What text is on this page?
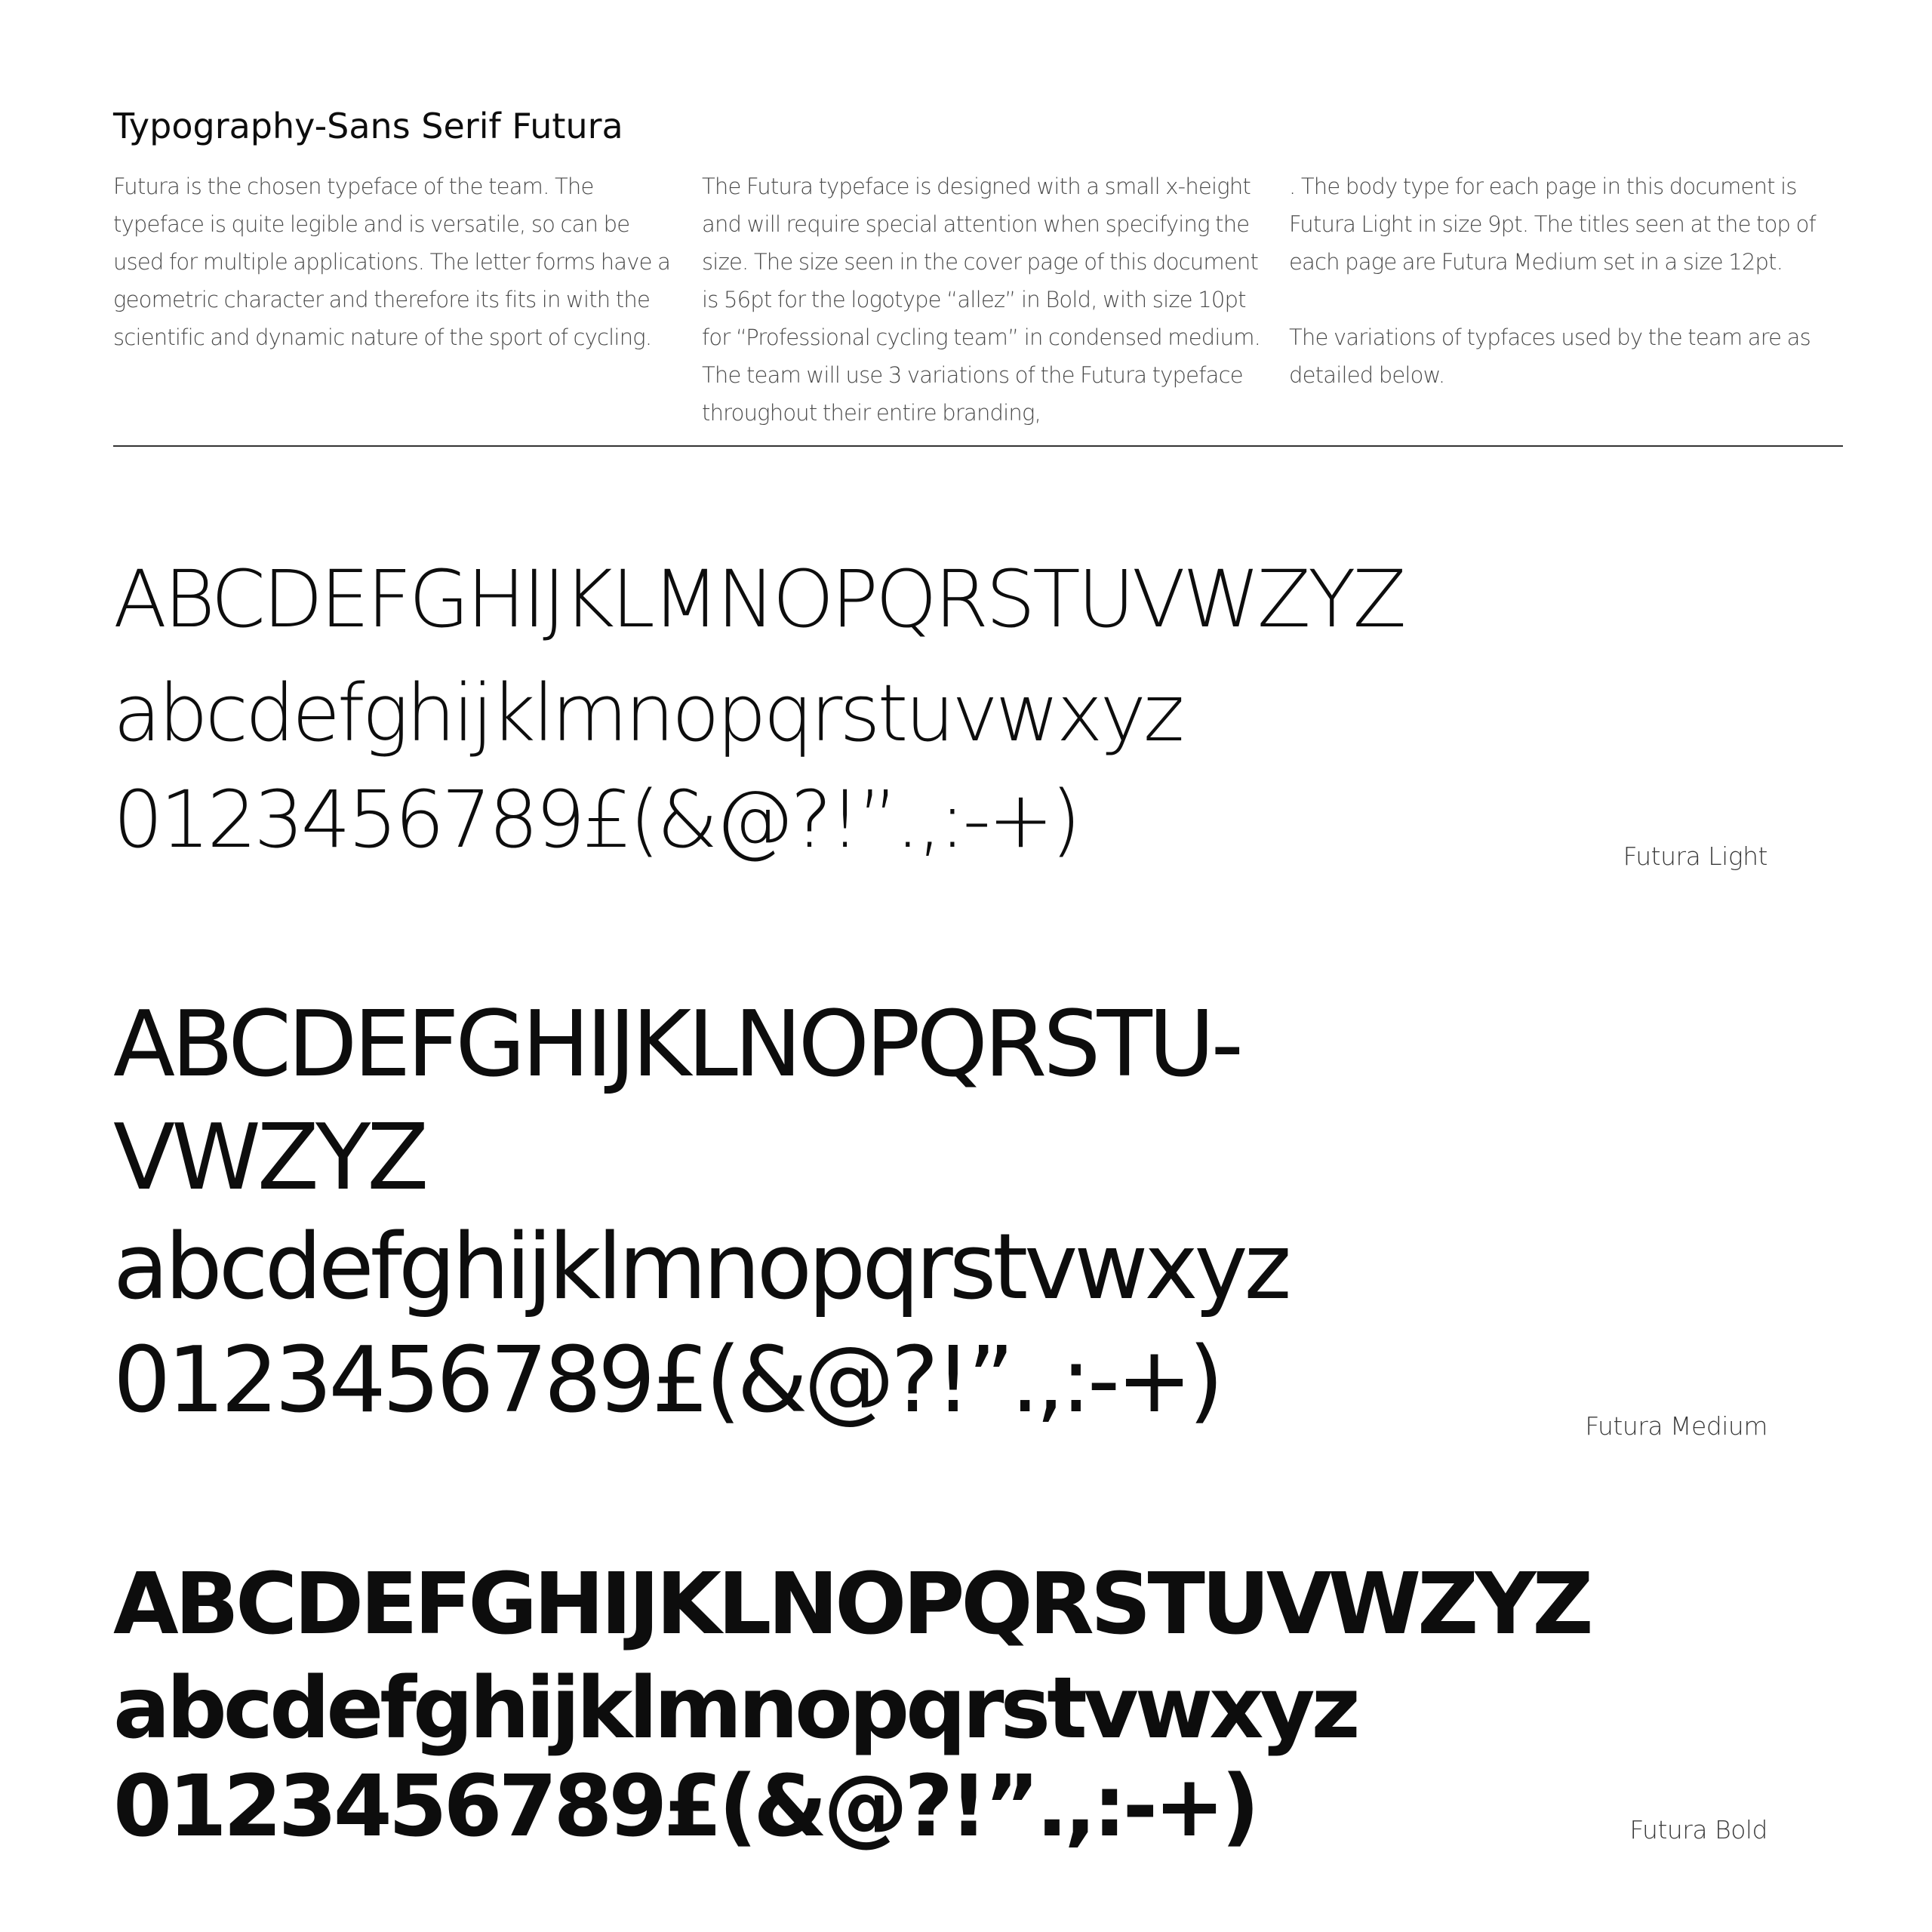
Typography-Sans Serif Futura

Futura is the chosen typeface of the team. The typeface is quite legible and is versatile, so can be used for multiple applications. The letter forms have a geometric character and therefore its fits in with the scientific and dynamic nature of the sport of cycling.

The Futura typeface is designed with a small x-height and will require special attention when specifying the size. The size seen in the cover page of this document is 56pt for the logotype “allez” in Bold, with size 10pt for “Professional cycling team” in condensed medium. The team will use 3 variations of the Futura typeface throughout their entire branding,

. The body type for each page in this document is Futura Light in size 9pt. The titles seen at the top of each page are Futura Medium set in a size 12pt.

The variations of typfaces used by the team are as detailed below.

ABCDEFGHIJKLMNOPQRSTUVWZYZ
abcdefghijklmnopqrstuvwxyz
0123456789£(&@?!”.,:-+)	Futura Light
ABCDEFGHIJKLNOPQRSTU-
VWZYZ
abcdefghijklmnopqrstvwxyz
0123456789£(&@?!”.,:-+)	Futura Medium
ABCDEFGHIJKLNOPQRSTUVWZYZ
abcdefghijklmnopqrstvwxyz
0123456789£(&@?!”.,:-+)	Futura Bold
